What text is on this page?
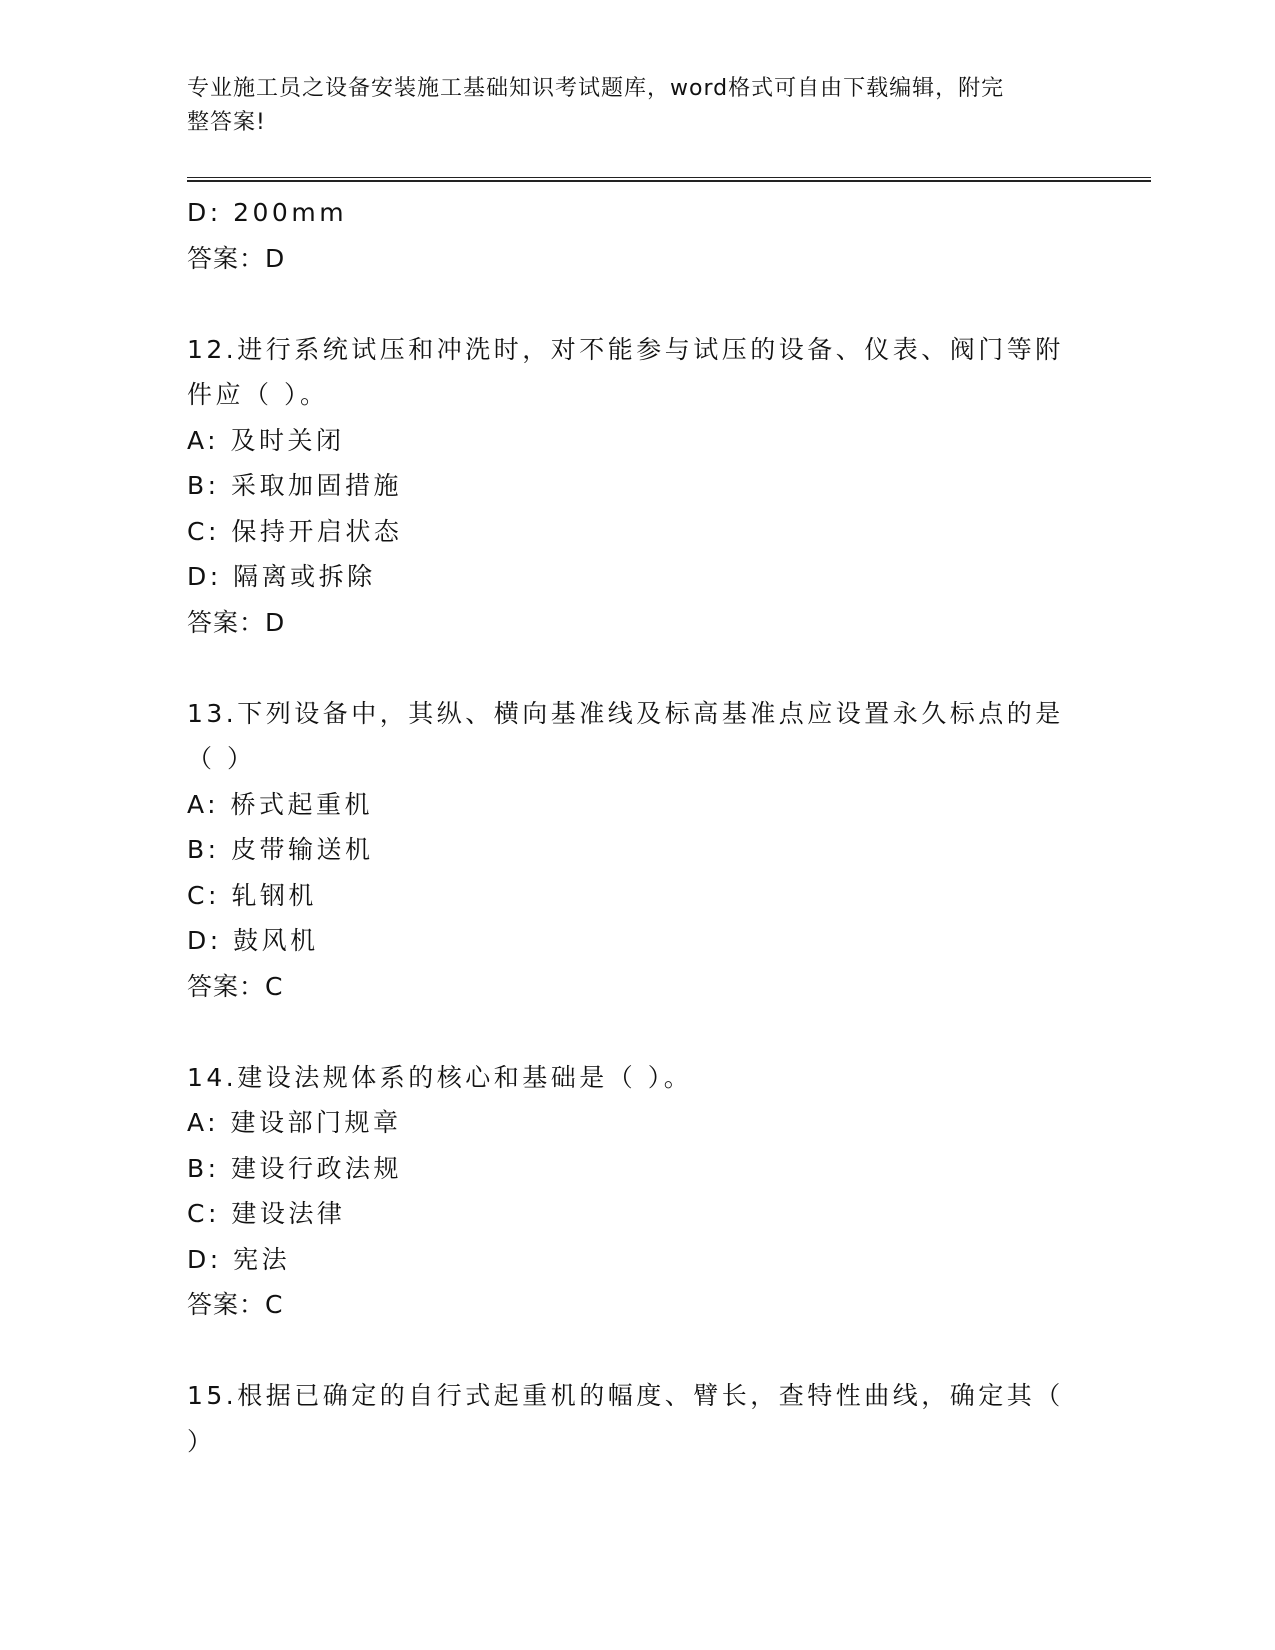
专业施工员之设备安装施工基础知识考试题库，word格式可自由下载编辑，附完
整答案!
D: 200mm
答案：D
12.进行系统试压和冲洗时，对不能参与试压的设备、仪表、阀门等附
件应（ ）。
A: 及时关闭
B: 采取加固措施
C: 保持开启状态
D: 隔离或拆除
答案：D
13.下列设备中，其纵、横向基准线及标高基准点应设置永久标点的是
（ ）
A: 桥式起重机
B: 皮带输送机
C: 轧钢机
D: 鼓风机
答案：C
14.建设法规体系的核心和基础是（ ）。
A: 建设部门规章
B: 建设行政法规
C: 建设法律
D: 宪法
答案：C
15.根据已确定的自行式起重机的幅度、臂长，查特性曲线，确定其（
）
